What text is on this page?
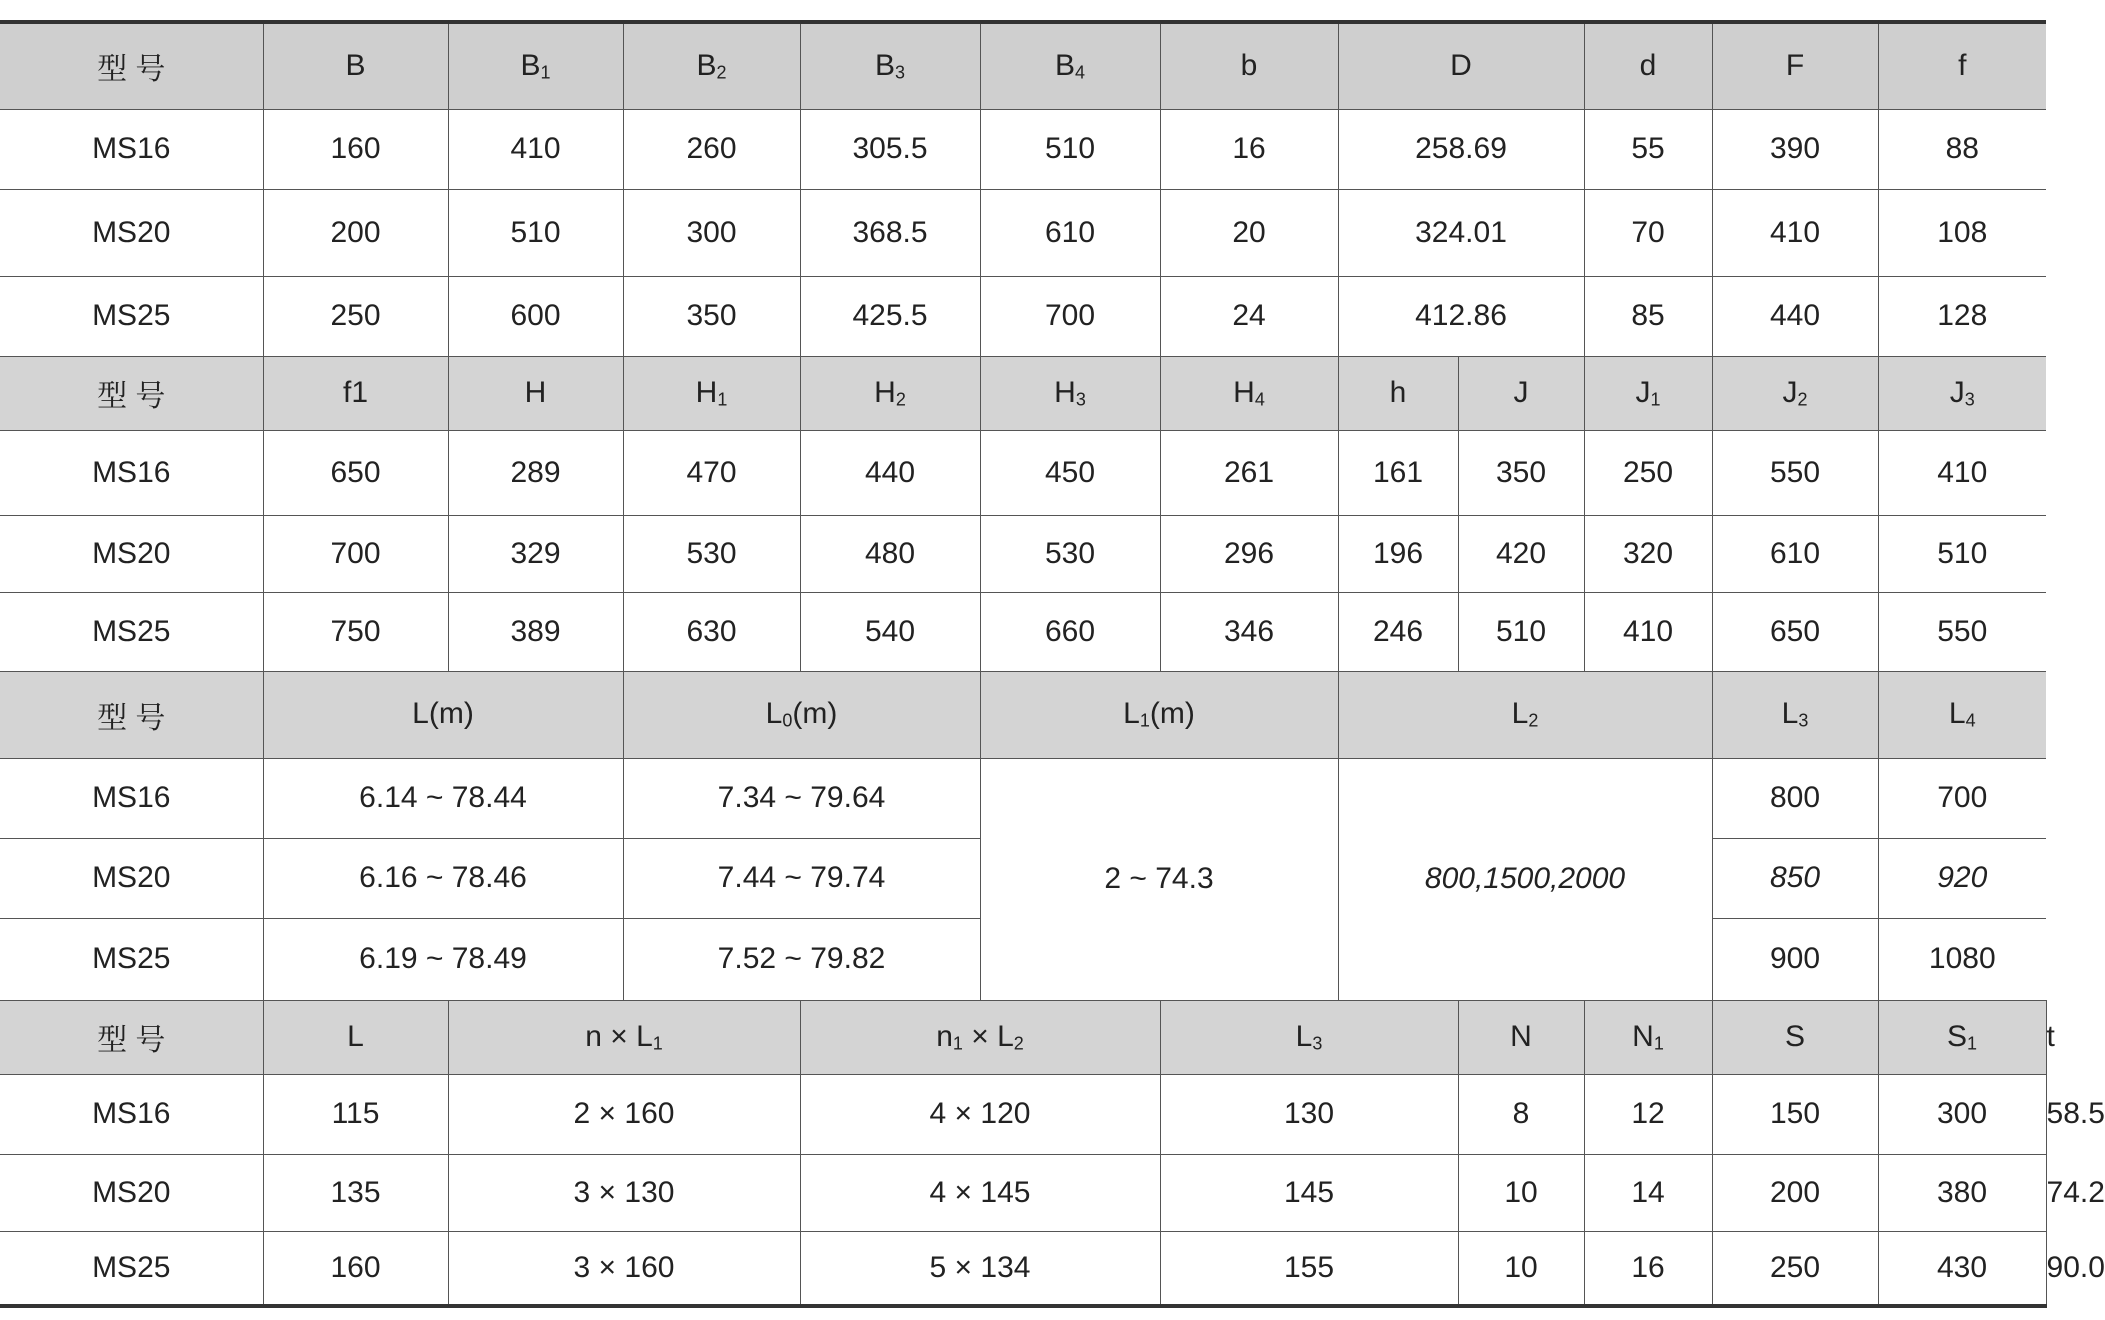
型 号	B	$B_1$	$B_2$	$B_3$	$B_4$	b	D		d	F	f	
MS16	160	410	260	305.5	510	16	258.69		55	390	88	
MS20	200	510	300	368.5	610	20	324.01		70	410	108	
MS25	250	600	350	425.5	700	24	412.86		85	440	128	
型 号	f1	H	$H_1$	$H_2$	$H_3$	$H_4$	h	J	$J_1$	$J_2$	$J_3$
MS16	650	289	470	440	450	261	161	350	250	550	410	
MS20	700	329	530	480	530	296	196	420	320	610	510	
MS25	750	389	630	540	660	346	246	510	410	650	550	
型 号	L(m)		$L_0(m)$		$L_1(m)$		$L_2$			$L_3$	$L_4$
MS16	6.14 ~ 78.44		7.34 ~ 79.64		2 ~ 74.3		800,1500,2000			800	700	
MS20	6.16 ~ 78.46		7.44 ~ 79.74							850	920	
MS25	6.19 ~ 78.49		7.52 ~ 79.82							900	1080	
型 号	L	$n \times L_1$		$n_1 \times L_2$		$L_3$		N	$N_1$	S	$S_1$	t
MS16	115	2 × 160		4 × 120		130		8	12	150	300	58.5
MS20	135	3 × 130		4 × 145		145		10	14	200	380	74.2
MS25	160	3 × 160		5 × 134		155		10	16	250	430	90.0
